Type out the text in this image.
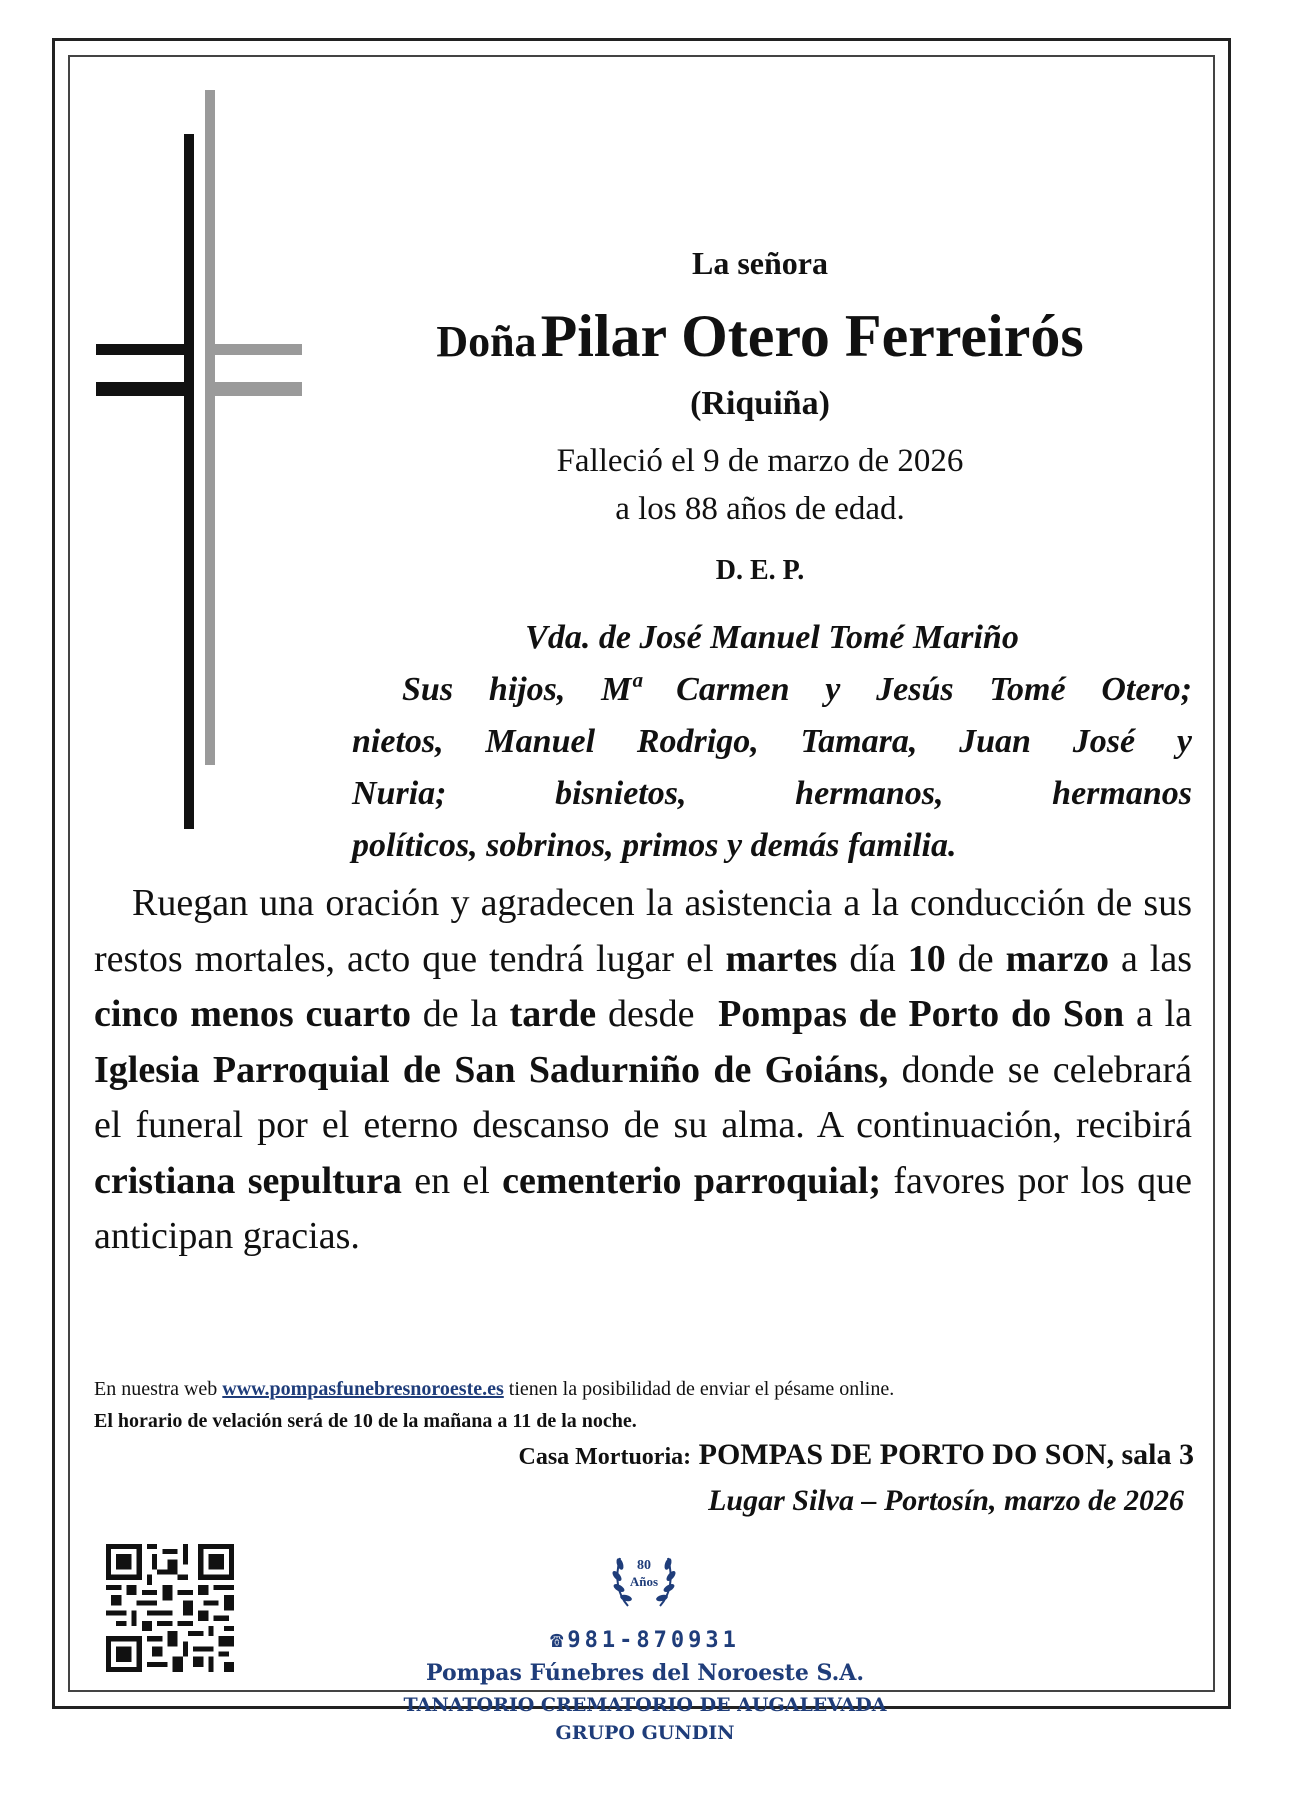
La señora
Doña Pilar Otero Ferreirós
(Riquiña)
Falleció el 9 de marzo de 2026
a los 88 años de edad.
D. E. P.
Vda. de José Manuel Tomé Mariño
Sus hijos, Mª Carmen y Jesús Tomé Otero;
nietos, Manuel Rodrigo, Tamara, Juan José y
Nuria; bisnietos, hermanos, hermanos
políticos, sobrinos, primos y demás familia.
 Ruegan una oración y agradecen la asistencia a la conducción de sus restos mortales, acto que tendrá lugar el martes día 10 de marzo a las cinco menos cuarto de la tarde desde Pompas de Porto do Son a la Iglesia Parroquial de San Sadurniño de Goiáns, donde se celebrará el funeral por el eterno descanso de su alma. A continuación, recibirá cristiana sepultura en el cementerio parroquial; favores por los que anticipan gracias.
En nuestra web www.pompasfunebresnoroeste.es tienen la posibilidad de enviar el pésame online.
El horario de velación será de 10 de la mañana a 11 de la noche.
Casa Mortuoria: POMPAS DE PORTO DO SON, sala 3
Lugar Silva – Portosín, marzo de 2026
80
Años
☎981-870931
Pompas Fúnebres del Noroeste S.A.
TANATORIO CREMATORIO DE AUGALEVADA
GRUPO GUNDIN
